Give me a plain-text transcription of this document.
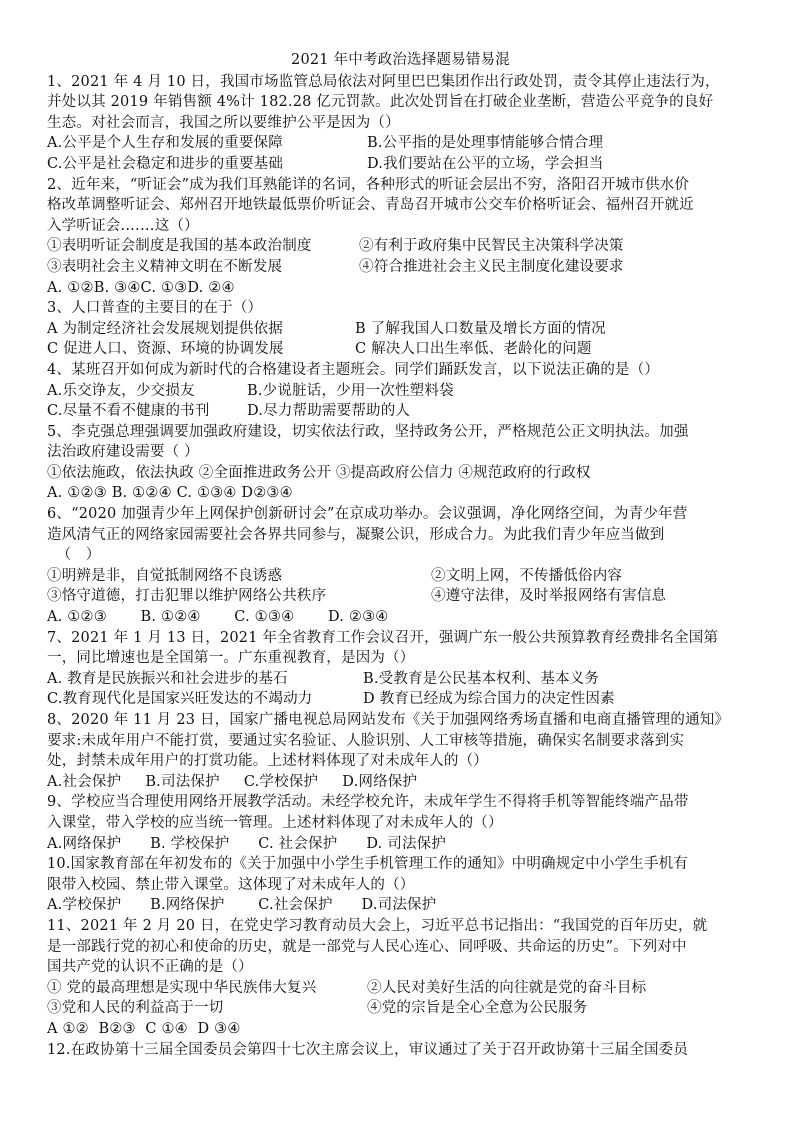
2021 年中考政治选择题易错易混
1、2021 年 4 月 10 日，我国市场监管总局依法对阿里巴巴集团作出行政处罚，责令其停止违法行为，
并处以其 2019 年销售额 4%计 182.28 亿元罚款。此次处罚旨在打破企业垄断，营造公平竞争的良好
生态。对社会而言，我国之所以要维护公平是因为（）
A.公平是个人生存和发展的重要保障	B.公平指的是处理事情能够合情合理
C.公平是社会稳定和进步的重要基础	D.我们要站在公平的立场，学会担当
2、近年来，“听证会”成为我们耳熟能详的名词，各种形式的听证会层出不穷，洛阳召开城市供水价
格改革调整听证会、郑州召开地铁最低票价听证会、青岛召开城市公交车价格听证会、福州召开就近
入学听证会.……这（）
①表明听证会制度是我国的基本政治制度	②有利于政府集中民智民主决策科学决策
③表明社会主义精神文明在不断发展	④符合推进社会主义民主制度化建设要求
A. ①②B. ③④C. ①③D. ②④
3、人口普查的主要目的在于（）
A 为制定经济社会发展规划提供依据	B 了解我国人口数量及增长方面的情况
C 促进人口、资源、环境的协调发展	C 解决人口出生率低、老龄化的问题
4、某班召开如何成为新时代的合格建设者主题班会。同学们踊跃发言，以下说法正确的是（）
A.乐交诤友，少交损友	B.少说脏话，少用一次性塑料袋
C.尽量不看不健康的书刊	D.尽力帮助需要帮助的人
5、李克强总理强调要加强政府建设，切实依法行政，坚持政务公开，严格规范公正文明执法。加强
法治政府建设需要（ ）
①依法施政，依法执政 ②全面推进政务公开 ③提高政府公信力 ④规范政府的行政权
A. ①②③ B. ①②④ C. ①③④ D②③④
6、“2020 加强青少年上网保护创新研讨会”在京成功举办。会议强调，净化网络空间，为青少年营
造风清气正的网络家园需要社会各界共同参与，凝聚公识，形成合力。为此我们青少年应当做到
（   ）
①明辨是非，自觉抵制网络不良诱惑	②文明上网，不传播低俗内容
③恪守道德，打击犯罪以维护网络公共秩序	④遵守法律，及时举报网络有害信息
A. ①②③       B. ①②④       C. ①③④       D. ②③④
7、2021 年 1 月 13 日，2021 年全省教育工作会议召开，强调广东一般公共预算教育经费排名全国第
一，同比增速也是全国第一。广东重视教育，是因为（）
A. 教育是民族振兴和社会进步的基石	B.受教育是公民基本权利、基本义务
C.教育现代化是国家兴旺发达的不竭动力	D 教育已经成为综合国力的决定性因素
8、2020 年 11 月 23 日，国家广播电视总局网站发布《关于加强网络秀场直播和电商直播管理的通知》
要求:未成年用户不能打赏，要通过实名验证、人脸识别、人工审核等措施，确保实名制要求落到实
处，封禁未成年用户的打赏功能。上述材料体现了对未成年人的（）
A.社会保护     B.司法保护     C.学校保护     D.网络保护
9、学校应当合理使用网络开展教学活动。未经学校允许，未成年学生不得将手机等智能终端产品带
入课堂，带入学校的应当统一管理。上述材料体现了对未成年人的（）
A.网络保护      B. 学校保护      C. 社会保护      D. 司法保护
10.国家教育部在年初发布的《关于加强中小学生手机管理工作的通知》中明确规定中小学生手机有
限带入校园、禁止带入课堂。这体现了对未成年人的（）
A.学校保护      B.网络保护       C.社会保护      D.司法保护
11、2021 年 2 月 20 日，在党史学习教育动员大会上，习近平总书记指出：“我国党的百年历史，就
是一部践行党的初心和使命的历史，就是一部党与人民心连心、同呼吸、共命运的历史”。下列对中
国共产党的认识不正确的是（）
① 党的最高理想是实现中华民族伟大复兴	②人民对美好生活的向往就是党的奋斗目标
③党和人民的利益高于一切	④党的宗旨是全心全意为公民服务
A ①②  B②③  C ①④  D ③④
12.在政协第十三届全国委员会第四十七次主席会议上，审议通过了关于召开政协第十三届全国委员
